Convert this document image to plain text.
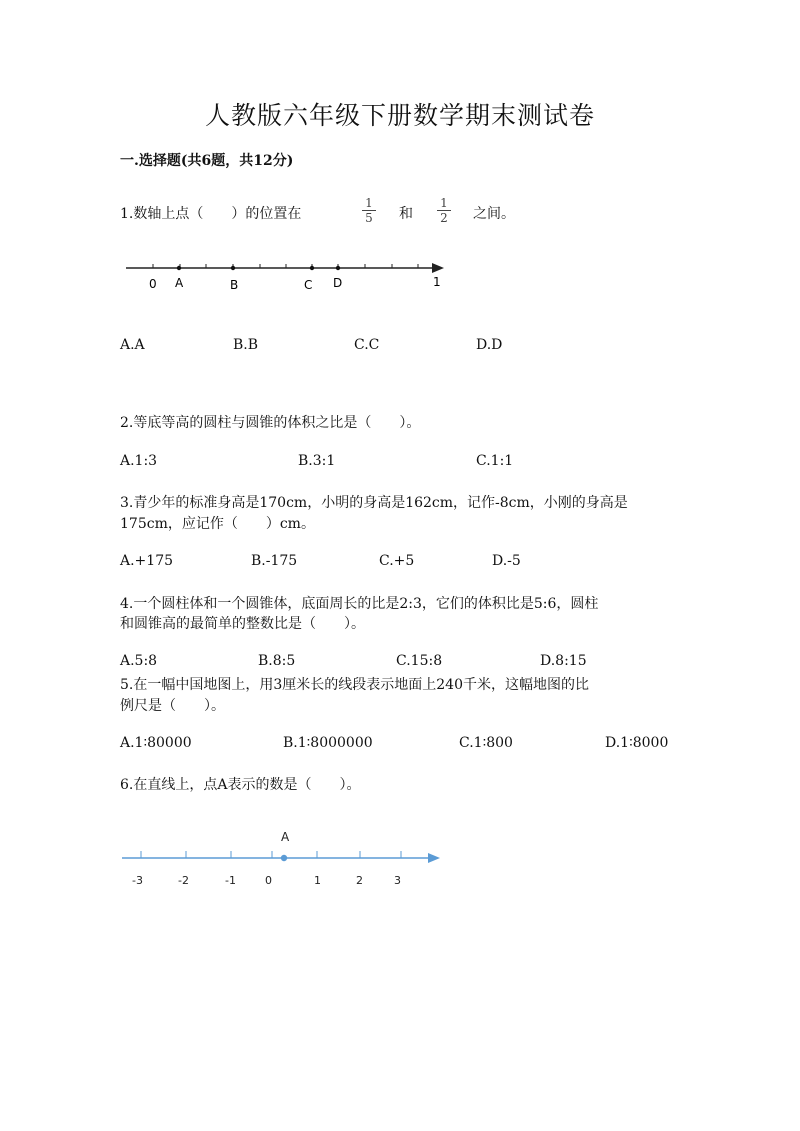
人教版六年级下册数学期末测试卷
一.选择题(共6题，共12分)
1.数轴上点（　　）的位置在	$\frac{1}{5}$ 和 $\frac{1}{2}$ 之间。
0 A	B	C D	1
A.A	B.B	C.C	D.D
2.等底等高的圆柱与圆锥的体积之比是（　　）。
A.1:3	B.3:1	C.1:1
3.青少年的标准身高是170cm，小明的身高是162cm，记作-8cm，小刚的身高是
175cm，应记作（　　）cm。
A.+175	B.-175	C.+5	D.-5
4.一个圆柱体和一个圆锥体，底面周长的比是2:3，它们的体积比是5:6，圆柱
和圆锥高的最简单的整数比是（　　）。
A.5:8	B.8:5	C.15:8	D.8:15
5.在一幅中国地图上，用3厘米长的线段表示地面上240千米，这幅地图的比
例尺是（　　）。
A.1∶80000	B.1∶8000000	C.1∶800	D.1∶8000
6.在直线上，点A表示的数是（　　）。
A
-3	-2	-1	0	1	2	3
